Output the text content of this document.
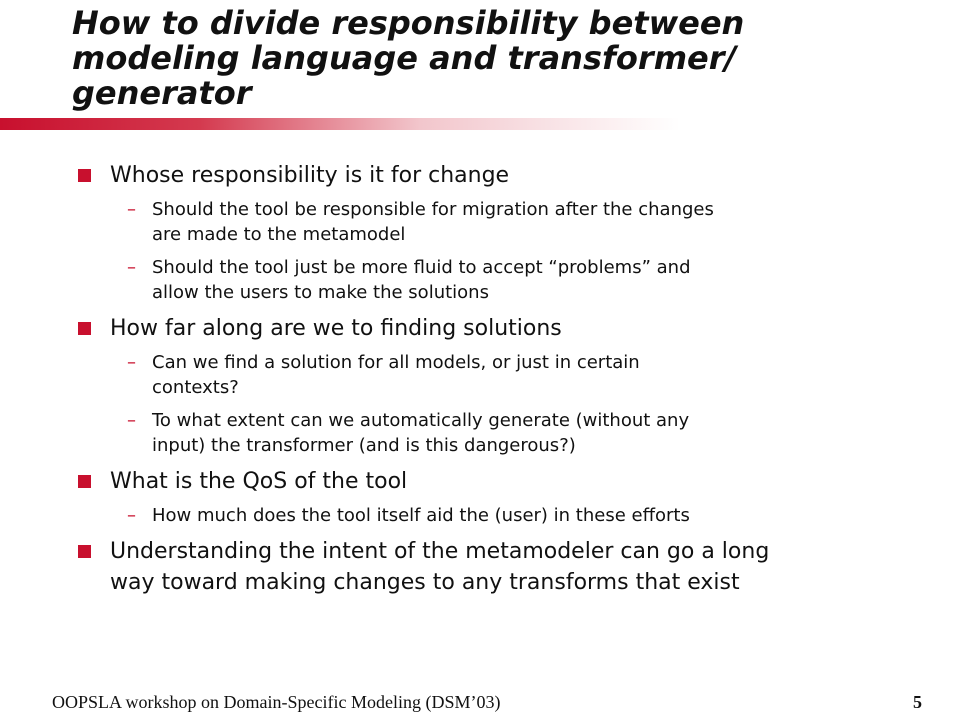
How to divide responsibility between
modeling language and transformer/
generator
Whose responsibility is it for change
– Should the tool be responsible for migration after the changes
are made to the metamodel
– Should the tool just be more fluid to accept “problems” and
allow the users to make the solutions
How far along are we to finding solutions
– Can we find a solution for all models, or just in certain
contexts?
– To what extent can we automatically generate (without any
input) the transformer (and is this dangerous?)
What is the QoS of the tool
– How much does the tool itself aid the (user) in these efforts
Understanding the intent of the metamodeler can go a long
way toward making changes to any transforms that exist
OOPSLA workshop on Domain-Specific Modeling (DSM’03)	5
